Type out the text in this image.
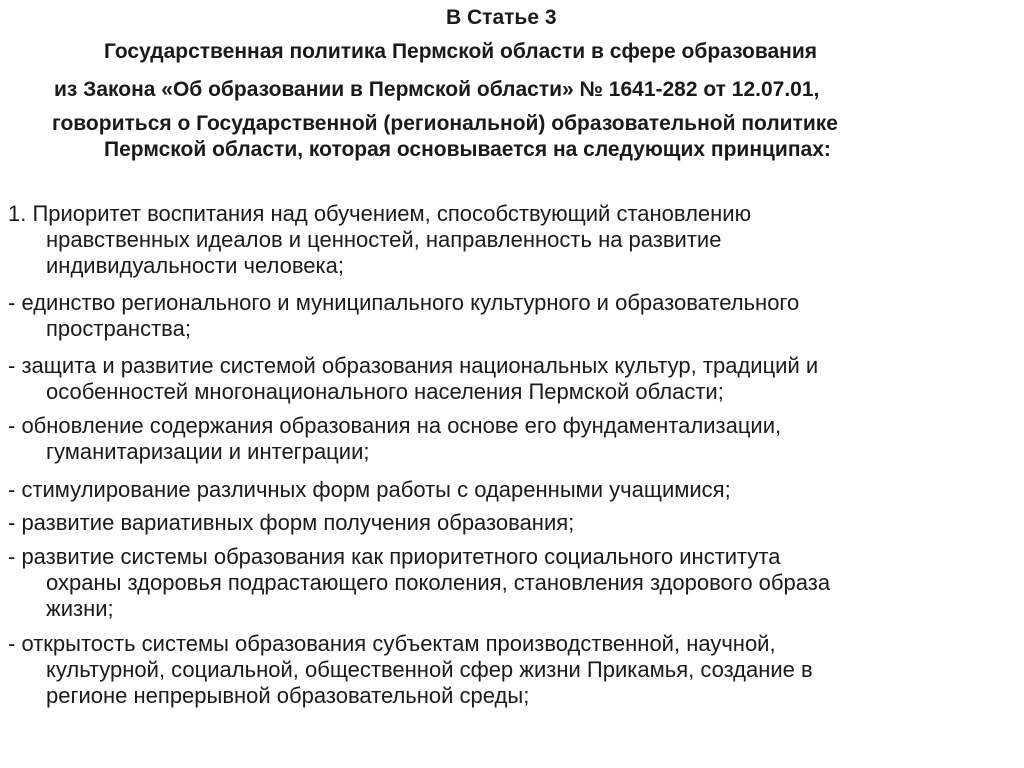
В Статье 3
Государственная политика Пермской области в сфере образования
из Закона «Об образовании в Пермской области» № 1641-282 от 12.07.01,
говориться о Государственной (региональной) образовательной политике
Пермской области, которая основывается на следующих принципах:
1. Приоритет воспитания над обучением, способствующий становлению
нравственных идеалов и ценностей, направленность на развитие
индивидуальности человека;
- единство регионального и муниципального культурного и образовательного
пространства;
- защита и развитие системой образования национальных культур, традиций и
особенностей многонационального населения Пермской области;
- обновление содержания образования на основе его фундаментализации,
гуманитаризации и интеграции;
- стимулирование различных форм работы с одаренными учащимися;
- развитие вариативных форм получения образования;
- развитие системы образования как приоритетного социального института
охраны здоровья подрастающего поколения, становления здорового образа
жизни;
- открытость системы образования субъектам производственной, научной,
культурной, социальной, общественной сфер жизни Прикамья, создание в
регионе непрерывной образовательной среды;
